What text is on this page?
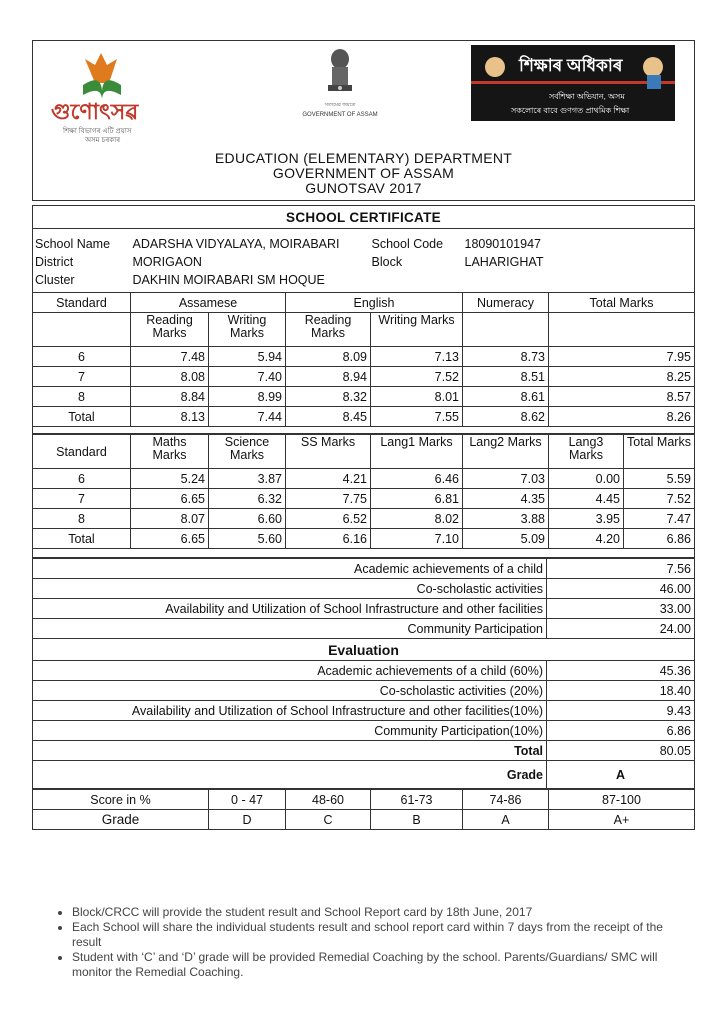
গুণোৎসৱ
শিক্ষা বিভাগৰ এটি প্ৰয়াস
অসম চৰকাৰ
সত্যমেৱ জয়তে
GOVERNMENT OF ASSAM
শিক্ষাৰ অধিকাৰ
সৰ্বশিক্ষা অভিযান, অসম
সকলোৰে বাবে গুণগত প্ৰাথমিক শিক্ষা
EDUCATION (ELEMENTARY) DEPARTMENT
GOVERNMENT OF ASSAM
GUNOTSAV 2017
SCHOOL CERTIFICATE

School Name	ADARSHA VIDYALAYA, MOIRABARI	School Code	18090101947
District	MORIGAON	Block	LAHARIGHAT
Cluster	DAKHIN MOIRABARI SM HOQUE		

Standard	Assamese		English		Numeracy	Total Marks
	Reading Marks	Writing Marks	Reading Marks	Writing Marks		
6	7.48	5.94	8.09	7.13	8.73	7.95
7	8.08	7.40	8.94	7.52	8.51	8.25
8	8.84	8.99	8.32	8.01	8.61	8.57
Total	8.13	7.44	8.45	7.55	8.62	8.26

Standard	Maths Marks	Science Marks	SS Marks	Lang1 Marks	Lang2 Marks	Lang3 Marks	Total Marks
6	5.24	3.87	4.21	6.46	7.03	0.00	5.59
7	6.65	6.32	7.75	6.81	4.35	4.45	7.52
8	8.07	6.60	6.52	8.02	3.88	3.95	7.47
Total	6.65	5.60	6.16	7.10	5.09	4.20	6.86

Academic achievements of a child	7.56
Co-scholastic activities	46.00
Availability and Utilization of School Infrastructure and other facilities	33.00
Community Participation	24.00
Evaluation	
Academic achievements of a child (60%)	45.36
Co-scholastic activities (20%)	18.40
Availability and Utilization of School Infrastructure and other facilities(10%)	9.43
Community Participation(10%)	6.86
Total	80.05
Grade	A
Score in %	0 - 47	48-60	61-73	74-86	87-100
Grade	D	C	B	A	A+
• Block/CRCC will provide the student result and School Report card by 18th June, 2017
• Each School will share the individual students result and school report card within 7 days from the receipt of the result
• Student with ‘C’ and ‘D’ grade will be provided Remedial Coaching by the school. Parents/Guardians/ SMC will monitor the Remedial Coaching.
